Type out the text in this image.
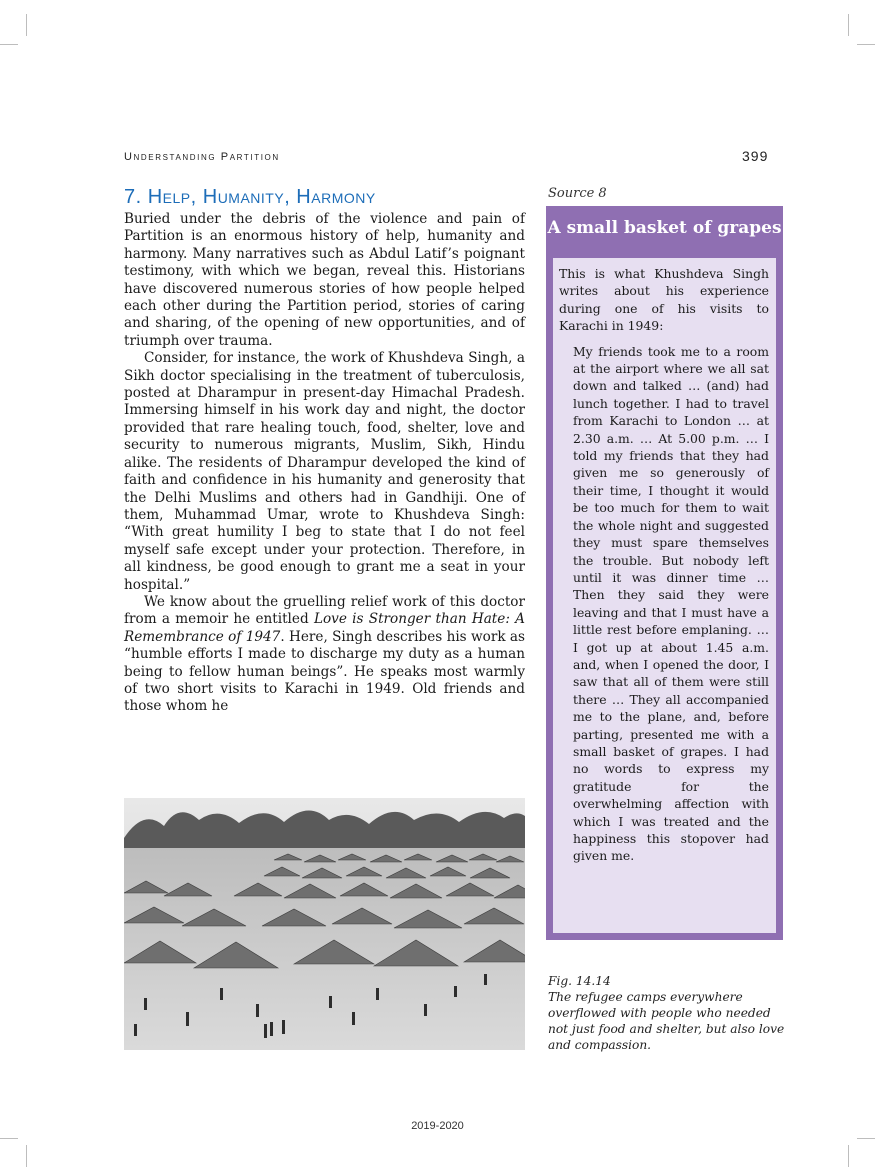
Understanding Partition	399
7. Help, Humanity, Harmony

Buried under the debris of the violence and pain of Partition is an enormous history of help, humanity and harmony. Many narratives such as Abdul Latif’s poignant testimony, with which we began, reveal this. Historians have discovered numerous stories of how people helped each other during the Partition period, stories of caring and sharing, of the opening of new opportunities, and of triumph over trauma.

Consider, for instance, the work of Khushdeva Singh, a Sikh doctor specialising in the treatment of tuberculosis, posted at Dharampur in present-day Himachal Pradesh. Immersing himself in his work day and night, the doctor provided that rare healing touch, food, shelter, love and security to numerous migrants, Muslim, Sikh, Hindu alike. The residents of Dharampur developed the kind of faith and confidence in his humanity and generosity that the Delhi Muslims and others had in Gandhiji. One of them, Muhammad Umar, wrote to Khushdeva Singh: “With great humility I beg to state that I do not feel myself safe except under your protection. Therefore, in all kindness, be good enough to grant me a seat in your hospital.”

We know about the gruelling relief work of this doctor from a memoir he entitled Love is Stronger than Hate: A Remembrance of 1947. Here, Singh describes his work as “humble efforts I made to discharge my duty as a human being to fellow human beings”. He speaks most warmly of two short visits to Karachi in 1949. Old friends and those whom he

Source 8
A small basket of grapes

This is what Khushdeva Singh writes about his experience during one of his visits to Karachi in 1949:

My friends took me to a room at the airport where we all sat down and talked … (and) had lunch together. I had to travel from Karachi to London … at 2.30 a.m. … At 5.00 p.m. … I told my friends that they had given me so generously of their time, I thought it would be too much for them to wait the whole night and suggested they must spare themselves the trouble. But nobody left until it was dinner time … Then they said they were leaving and that I must have a little rest before emplaning. … I got up at about 1.45 a.m. and, when I opened the door, I saw that all of them were still there … They all accompanied me to the plane, and, before parting, presented me with a small basket of grapes. I had no words to express my gratitude for the overwhelming affection with which I was treated and the happiness this stopover had given me.

Fig. 14.14
The refugee camps everywhere overflowed with people who needed not just food and shelter, but also love and compassion.
2019-2020
